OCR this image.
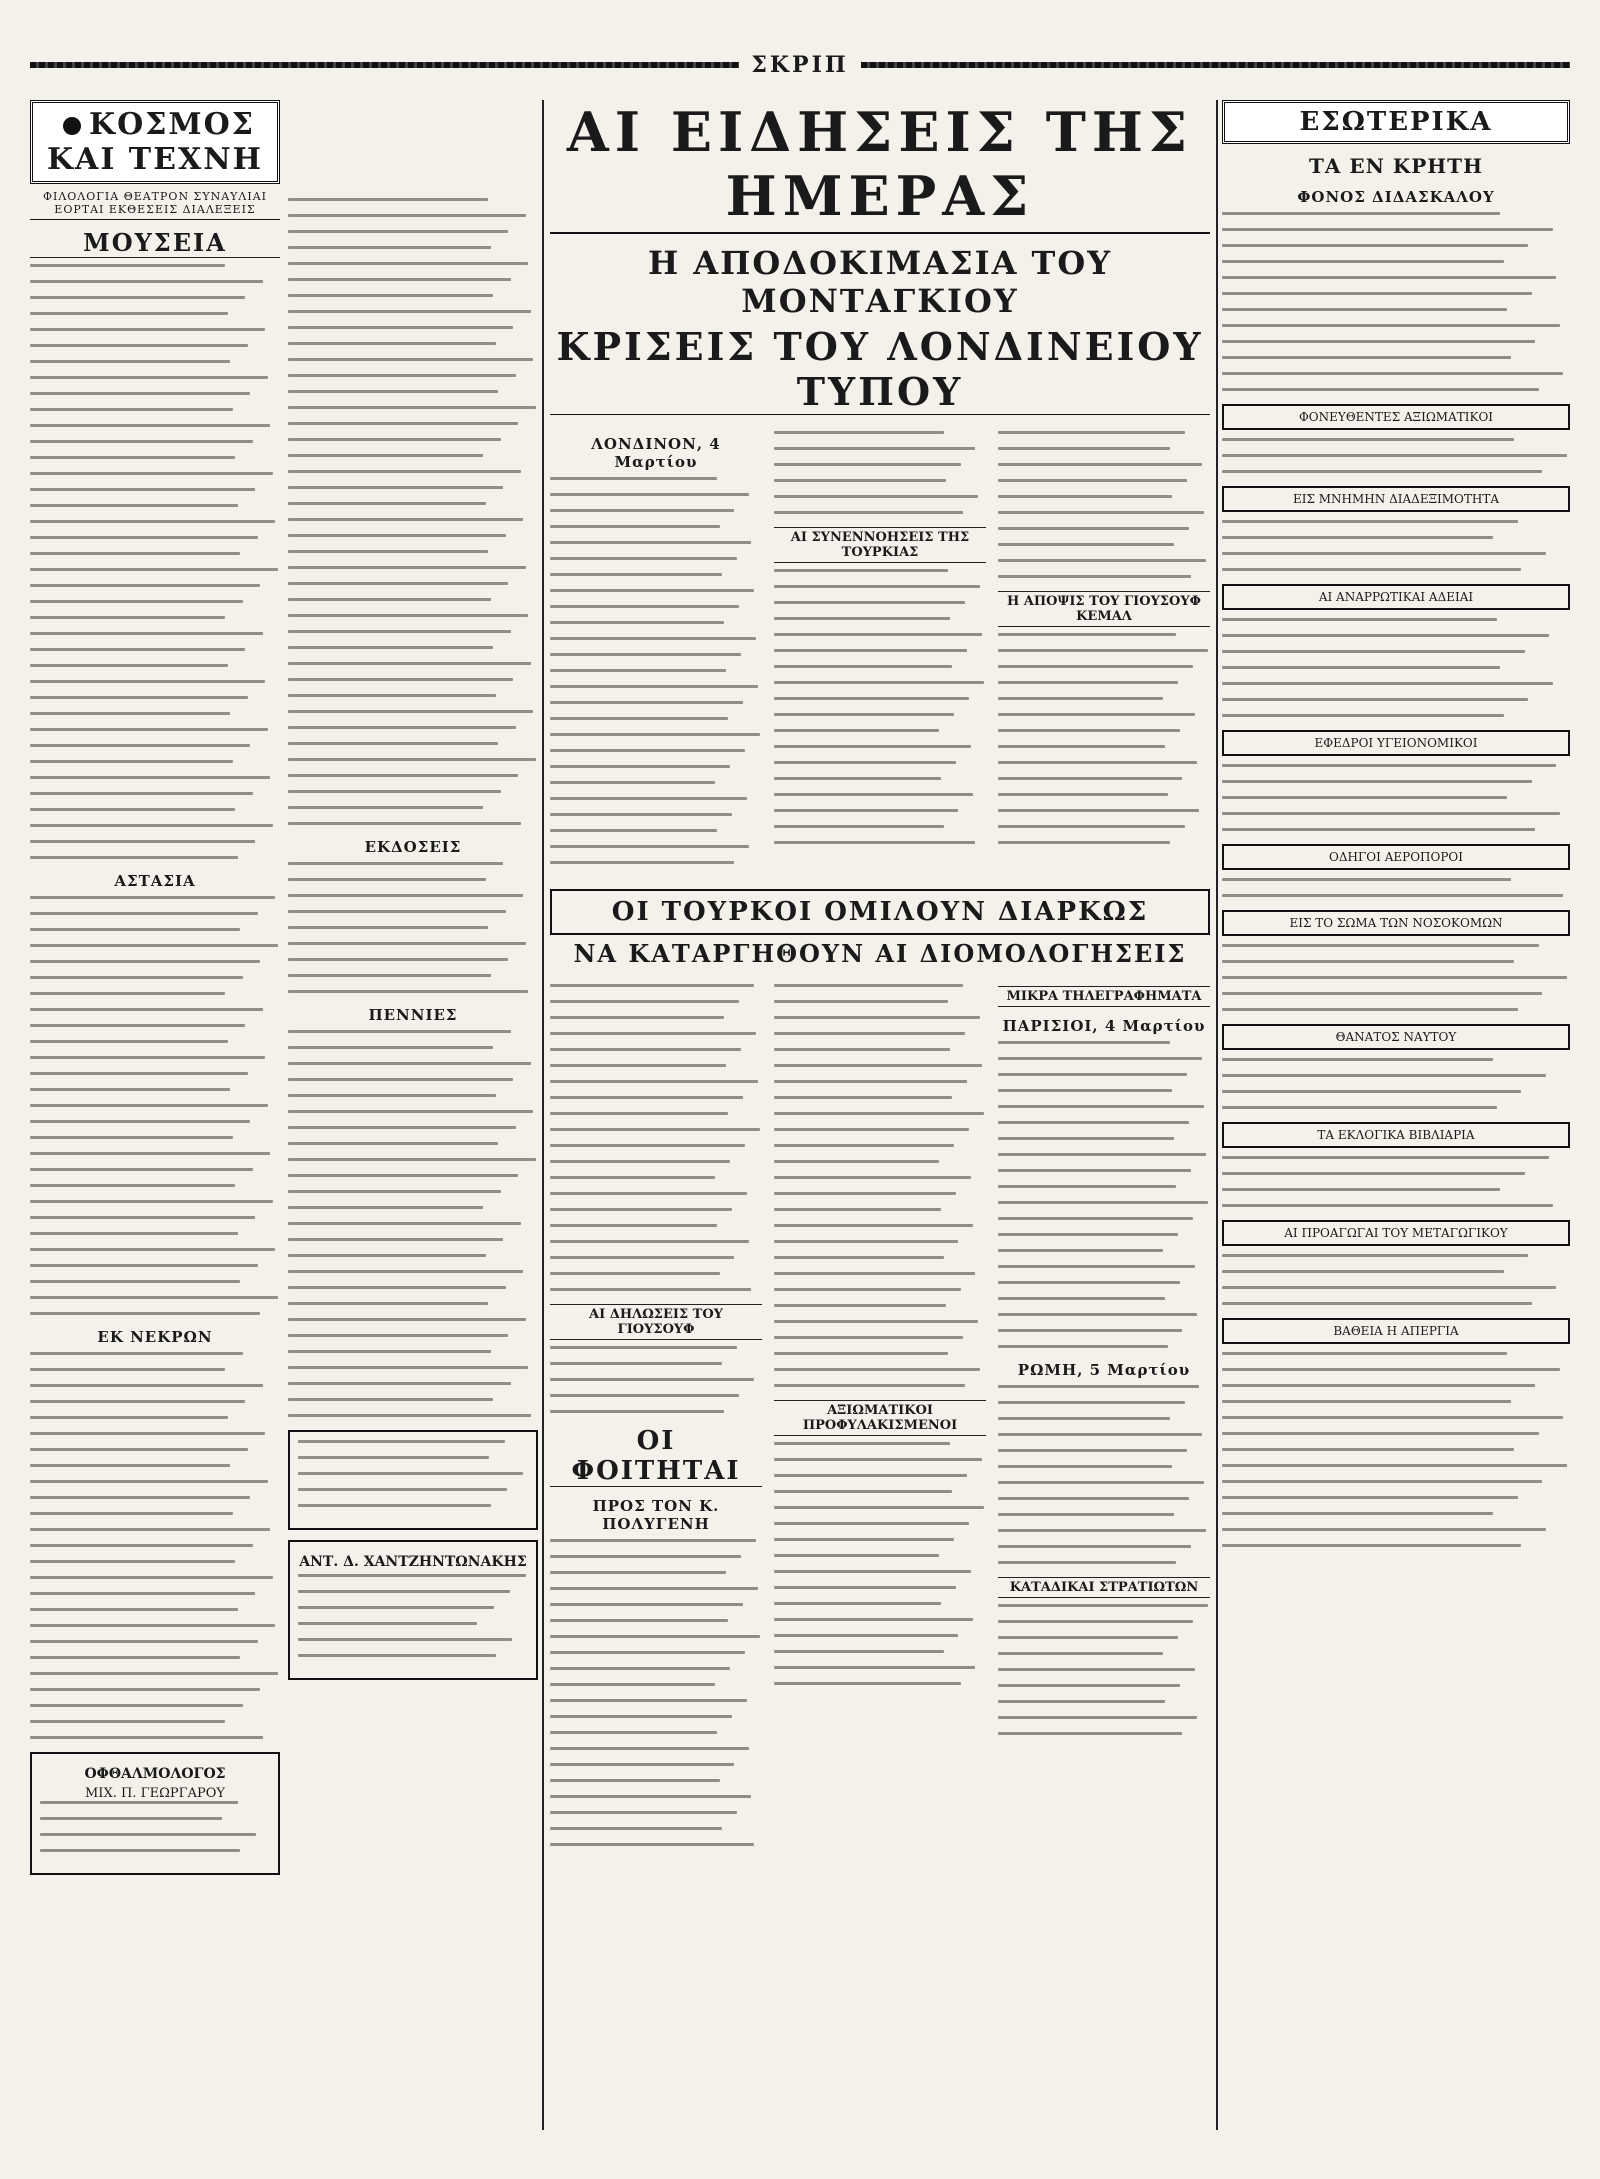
ΣΚΡΙΠ
ΚΟΣΜΟΣ ΚΑΙ ΤΕΧΝΗ
ΦΙΛΟΛΟΓΙΑ ΘΕΑΤΡΟΝ ΣΥΝΑΥΛΙΑΙ ΕΟΡΤΑΙ ΕΚΘΕΣΕΙΣ ΔΙΑΛΕΞΕΙΣ
ΜΟΥΣΕΙΑ
ΑΣΤΑΣΙΑ
ΕΚ ΝΕΚΡΩΝ
ΟΦΘΑΛΜΟΛΟΓΟΣ
ΜΙΧ. Π. ΓΕΩΡΓΑΡΟΥ
ΕΚΔΟΣΕΙΣ
ΠΕΝΝΙΕΣ
ΑΝΤ. Δ. ΧΑΝΤΖΗΝΤΩΝΑΚΗΣ
ΑΙ ΕΙΔΗΣΕΙΣ ΤΗΣ ΗΜΕΡΑΣ
Η ΑΠΟΔΟΚΙΜΑΣΙΑ ΤΟΥ ΜΟΝΤΑΓΚΙΟΥ
ΚΡΙΣΕΙΣ ΤΟΥ ΛΟΝΔΙΝΕΙΟΥ ΤΥΠΟΥ
ΛΟΝΔΙΝΟΝ, 4 Μαρτίου
ΑΙ ΣΥΝΕΝΝΟΗΣΕΙΣ ΤΗΣ ΤΟΥΡΚΙΑΣ
Η ΑΠΟΨΙΣ ΤΟΥ ΓΙΟΥΣΟΥΦ ΚΕΜΑΛ
ΟΙ ΤΟΥΡΚΟΙ ΟΜΙΛΟΥΝ ΔΙΑΡΚΩΣ
ΝΑ ΚΑΤΑΡΓΗΘΟΥΝ ΑΙ ΔΙΟΜΟΛΟΓΗΣΕΙΣ
ΑΙ ΔΗΛΩΣΕΙΣ ΤΟΥ ΓΙΟΥΣΟΥΦ
ΟΙ ΦΟΙΤΗΤΑΙ
ΠΡΟΣ ΤΟΝ Κ. ΠΟΛΥΓΕΝΗ
ΑΞΙΩΜΑΤΙΚΟΙ ΠΡΟΦΥΛΑΚΙΣΜΕΝΟΙ
ΜΙΚΡΑ ΤΗΛΕΓΡΑΦΗΜΑΤΑ
ΠΑΡΙΣΙΟΙ, 4 Μαρτίου
ΡΩΜΗ, 5 Μαρτίου
ΚΑΤΑΔΙΚΑΙ ΣΤΡΑΤΙΩΤΩΝ
ΕΣΩΤΕΡΙΚΑ
ΤΑ ΕΝ ΚΡΗΤΗ
ΦΟΝΟΣ ΔΙΔΑΣΚΑΛΟΥ
ΦΟΝΕΥΘΕΝΤΕΣ ΑΞΙΩΜΑΤΙΚΟΙ
ΕΙΣ ΜΝΗΜΗΝ ΔΙΑΔΕΞΙΜΟΤΗΤΑ
ΑΙ ΑΝΑΡΡΩΤΙΚΑΙ ΑΔΕΙΑΙ
ΕΦΕΔΡΟΙ ΥΓΕΙΟΝΟΜΙΚΟΙ
ΟΔΗΓΟΙ ΑΕΡΟΠΟΡΟΙ
ΕΙΣ ΤΟ ΣΩΜΑ ΤΩΝ ΝΟΣΟΚΟΜΩΝ
ΘΑΝΑΤΟΣ ΝΑΥΤΟΥ
ΤΑ ΕΚΛΟΓΙΚΑ ΒΙΒΛΙΑΡΙΑ
ΑΙ ΠΡΟΑΓΩΓΑΙ ΤΟΥ ΜΕΤΑΓΩΓΙΚΟΥ
ΒΑΘΕΙΑ Η ΑΠΕΡΓΙΑ
